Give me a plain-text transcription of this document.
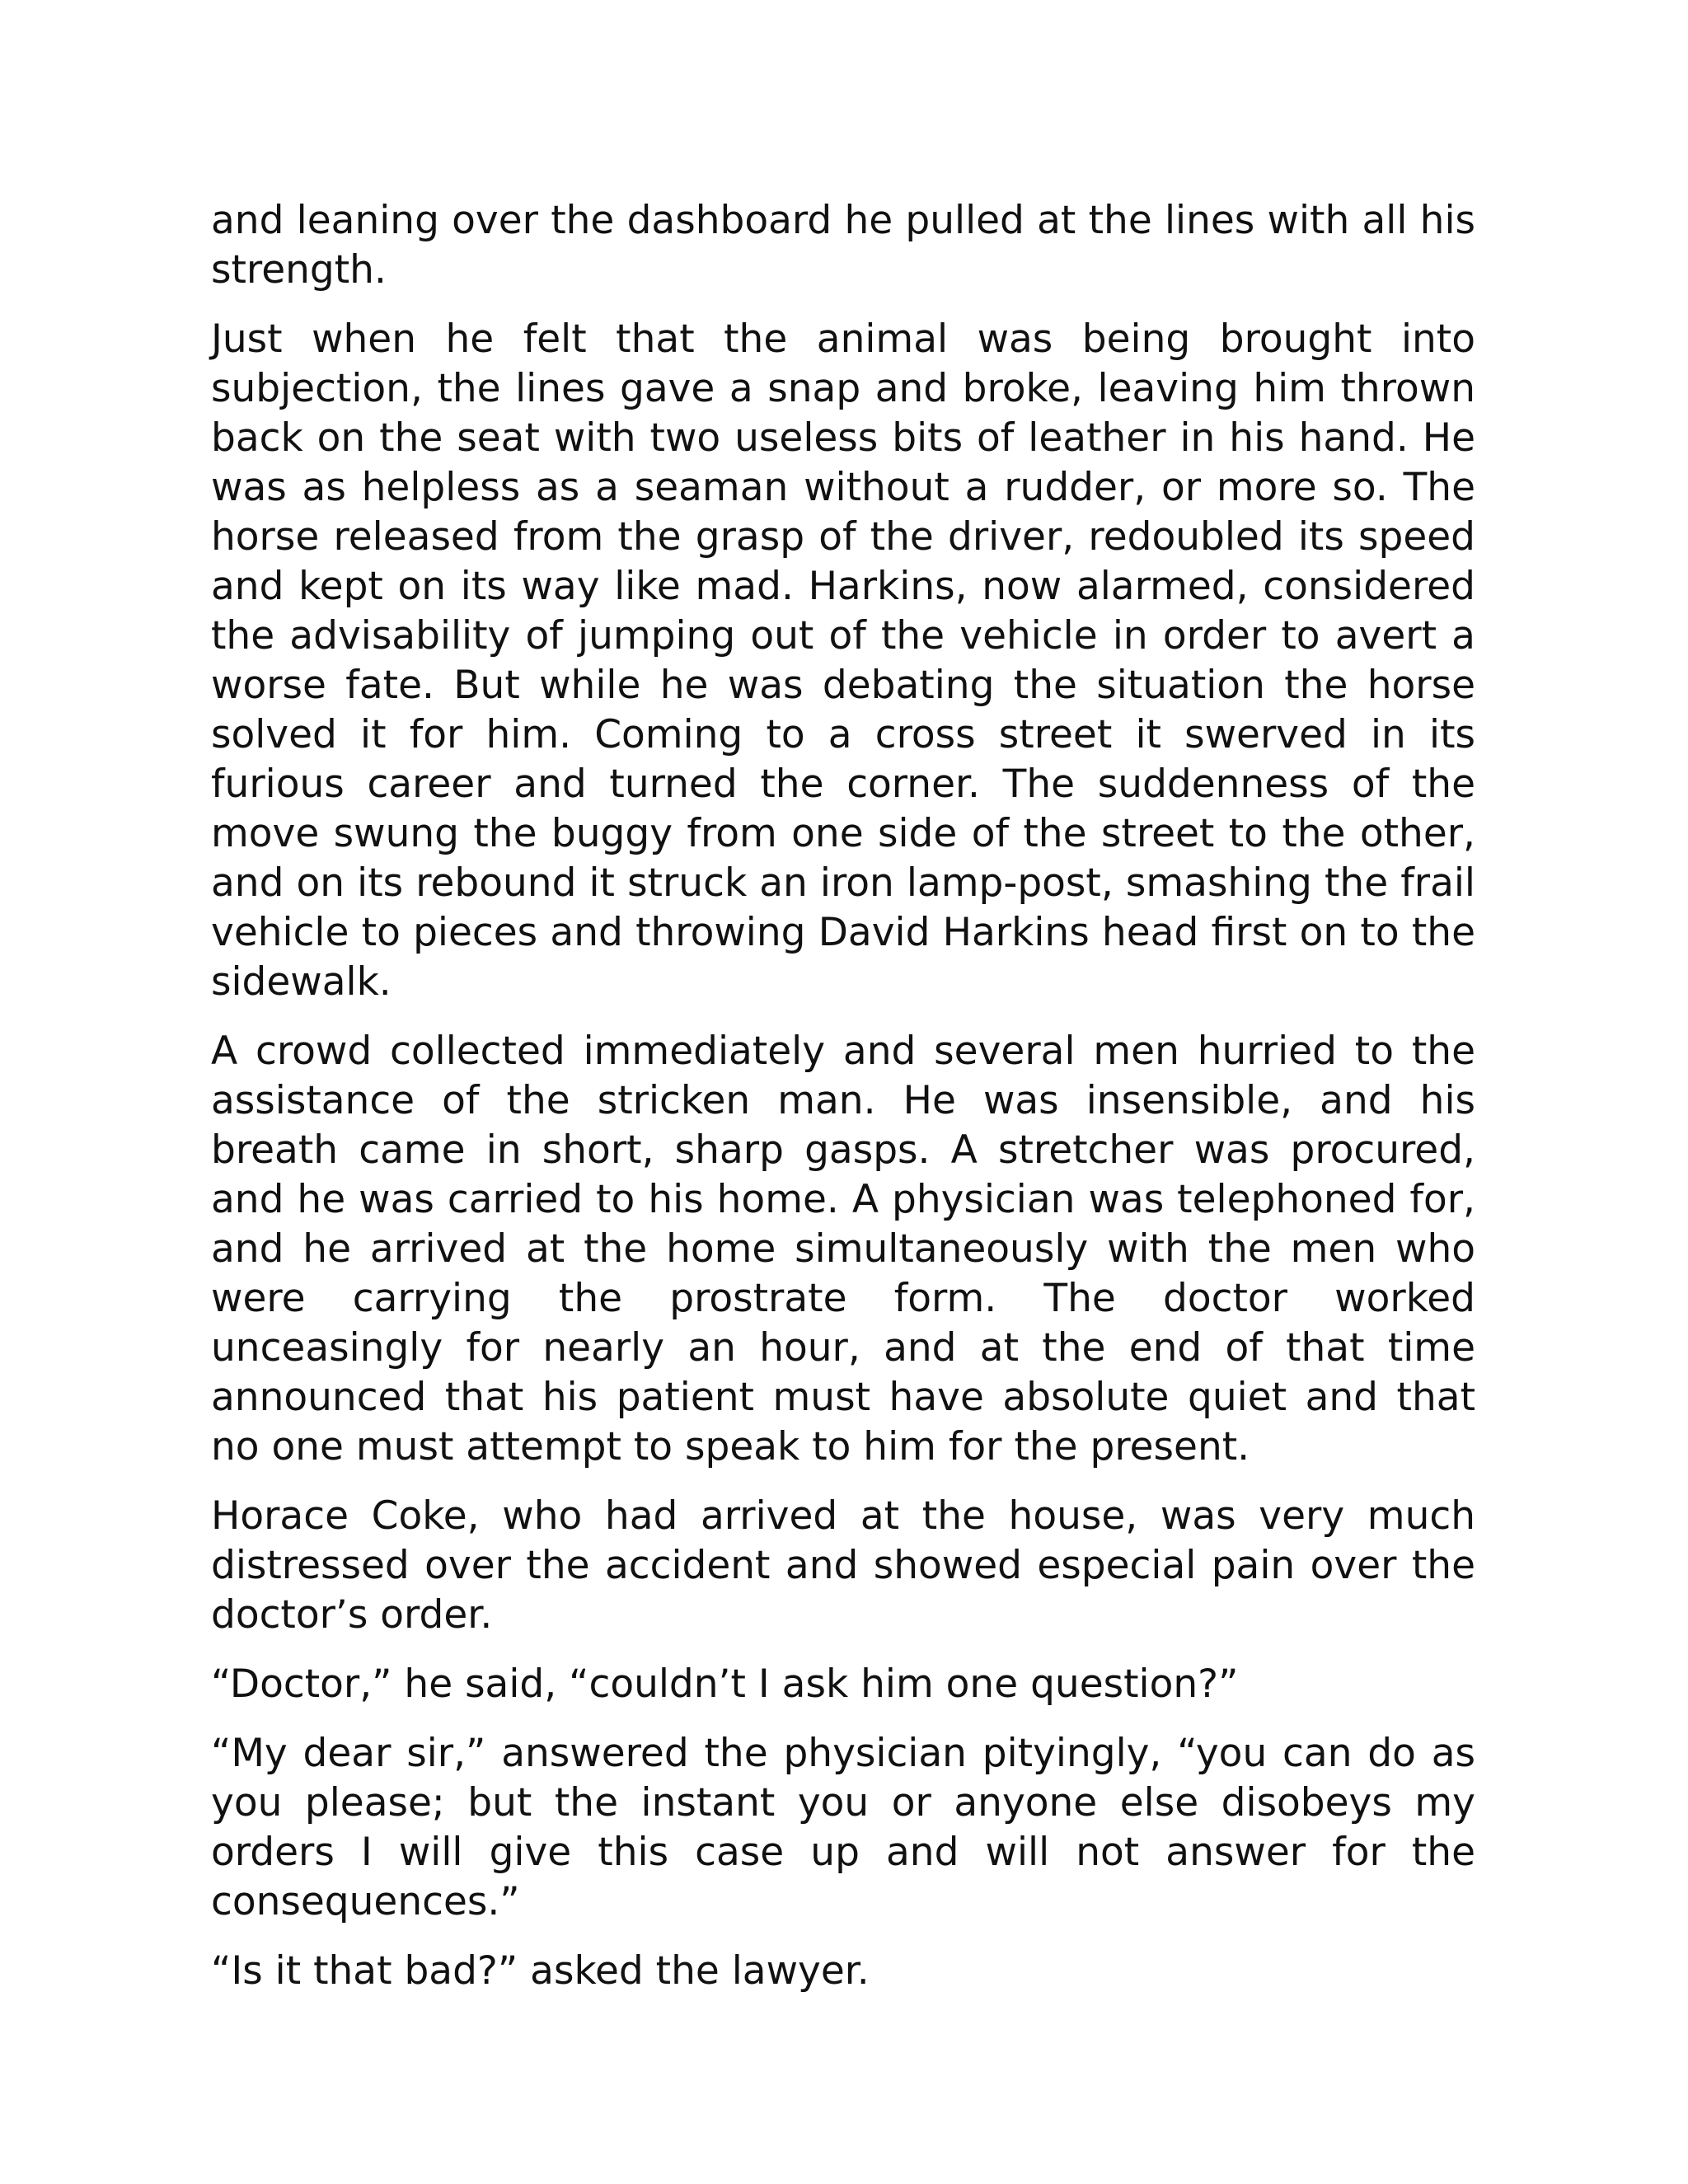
and leaning over the dashboard he pulled at the lines with all his strength.

Just when he felt that the animal was being brought into subjection, the lines gave a snap and broke, leaving him thrown back on the seat with two useless bits of leather in his hand. He was as helpless as a seaman without a rudder, or more so. The horse released from the grasp of the driver, redoubled its speed and kept on its way like mad. Harkins, now alarmed, considered the advisability of jumping out of the vehicle in order to avert a worse fate. But while he was debating the situation the horse solved it for him. Coming to a cross street it swerved in its furious career and turned the corner. The suddenness of the move swung the buggy from one side of the street to the other, and on its rebound it struck an iron lamp-post, smashing the frail vehicle to pieces and throwing David Harkins head first on to the sidewalk.

A crowd collected immediately and several men hurried to the assistance of the stricken man. He was insensible, and his breath came in short, sharp gasps. A stretcher was procured, and he was carried to his home. A physician was telephoned for, and he arrived at the home simultaneously with the men who were carrying the prostrate form. The doctor worked unceasingly for nearly an hour, and at the end of that time announced that his patient must have absolute quiet and that no one must attempt to speak to him for the present.

Horace Coke, who had arrived at the house, was very much distressed over the accident and showed especial pain over the doctor’s order.

“Doctor,” he said, “couldn’t I ask him one question?”

“My dear sir,” answered the physician pityingly, “you can do as you please; but the instant you or anyone else disobeys my orders I will give this case up and will not answer for the consequences.”

“Is it that bad?” asked the lawyer.
